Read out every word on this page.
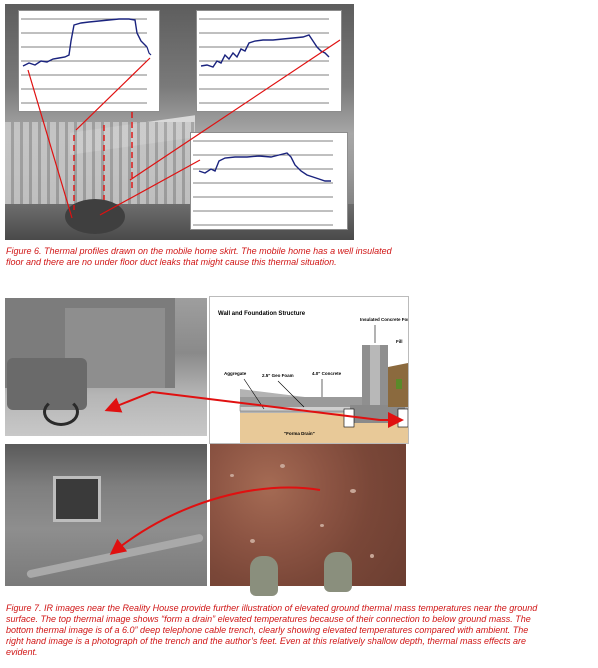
Figure 6. Thermal profiles drawn on the mobile home skirt. The mobile home has a well insulated floor and there are no under floor duct leaks that might cause this thermal situation.
Wall and Foundation Structure
Insulated Concrete Form
Fill
Aggregate	2.5" Geo Foam	4.0" Concrete
"Forma Drain"
Figure 7. IR images near the Reality House provide further illustration of elevated ground thermal mass temperatures near the ground surface. The top thermal image shows “form a drain” elevated temperatures because of their connection to below ground mass. The bottom thermal image is of a 6.0” deep telephone cable trench, clearly showing elevated temperatures compared with ambient. The right hand image is a photograph of the trench and the author’s feet. Even at this relatively shallow depth, thermal mass effects are evident.
